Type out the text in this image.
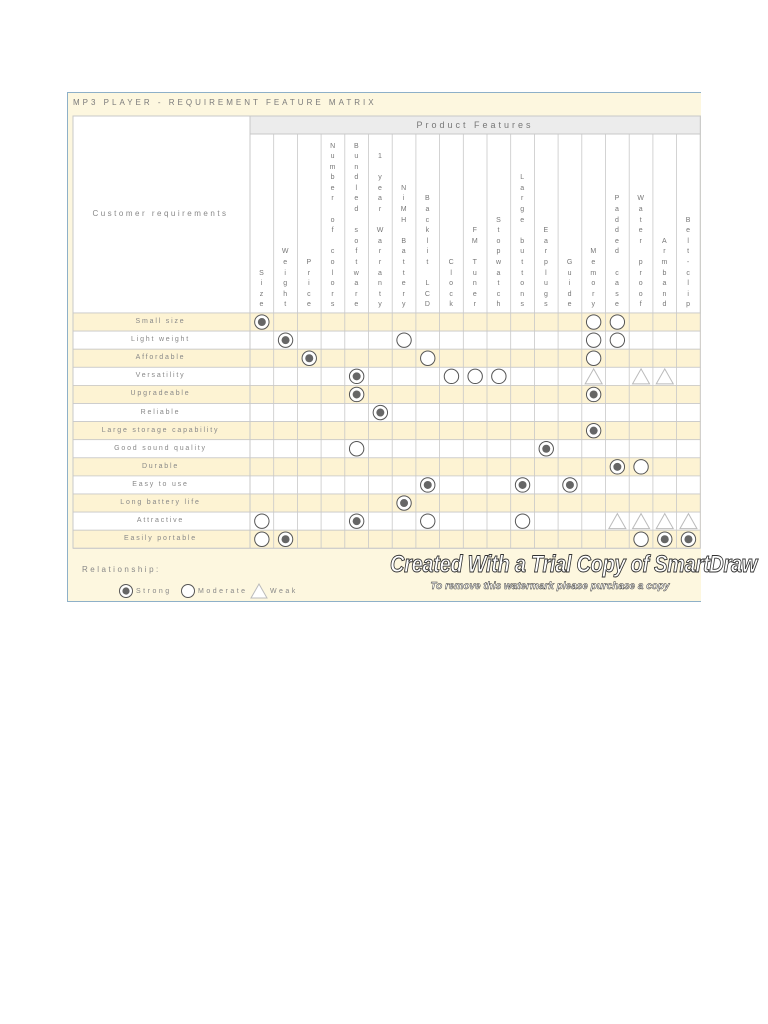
MP3 PLAYER - REQUIREMENT FEATURE MATRIX
Product Features
Customer requirements
S
i
z
e
W
e
i
g
h
t
P
r
i
c
e
N
u
m
b
e
r

o
f

c
o
l
o
r
s
B
u
n
d
l
e
d

s
o
f
t
w
a
r
e
1

y
e
a
r

W
a
r
r
a
n
t
y
N
i
M
H

B
a
t
t
e
r
y
B
a
c
k
l
i
t

L
C
D
C
l
o
c
k
F
M

T
u
n
e
r
S
t
o
p
w
a
t
c
h
L
a
r
g
e

b
u
t
t
o
n
s
E
a
r
p
l
u
g
s
G
u
i
d
e
M
e
m
o
r
y
P
a
d
d
e
d

c
a
s
e
W
a
t
e
r

p
r
o
o
f
A
r
m
b
a
n
d
B
e
l
t
-
c
l
i
p
Small size
Light weight
Affordable
Versatility
Upgradeable
Reliable
Large storage capability
Good sound quality
Durable
Easy to use
Long battery life
Attractive
Easily portable
Relationship:
Strong	Moderate	Weak
Created With a Trial Copy of SmartDraw
To remove this watermark please purchase a copy
